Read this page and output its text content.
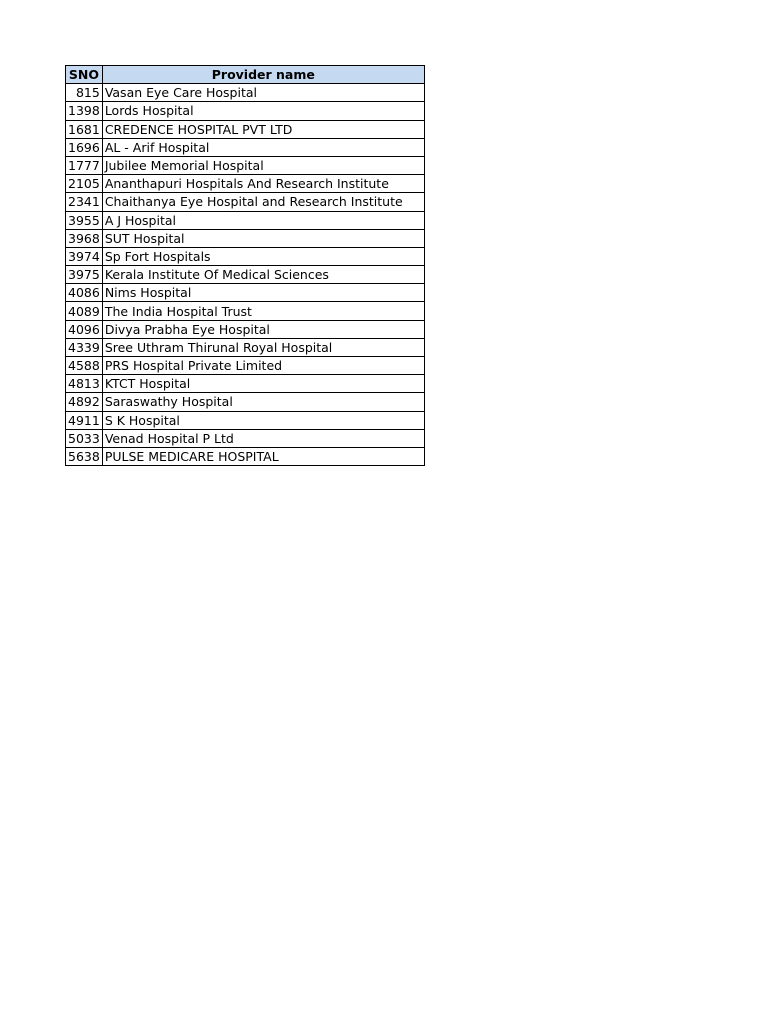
SNO	Provider name
815	Vasan Eye Care Hospital
1398	Lords Hospital
1681	CREDENCE HOSPITAL PVT LTD
1696	AL - Arif Hospital
1777	Jubilee Memorial Hospital
2105	Ananthapuri Hospitals And Research Institute
2341	Chaithanya Eye Hospital and Research Institute
3955	A J Hospital
3968	SUT Hospital
3974	Sp Fort Hospitals
3975	Kerala Institute Of Medical Sciences
4086	Nims Hospital
4089	The India Hospital Trust
4096	Divya Prabha Eye Hospital
4339	Sree Uthram Thirunal Royal Hospital
4588	PRS Hospital Private Limited
4813	KTCT Hospital
4892	Saraswathy Hospital
4911	S K Hospital
5033	Venad Hospital P Ltd
5638	PULSE MEDICARE HOSPITAL
